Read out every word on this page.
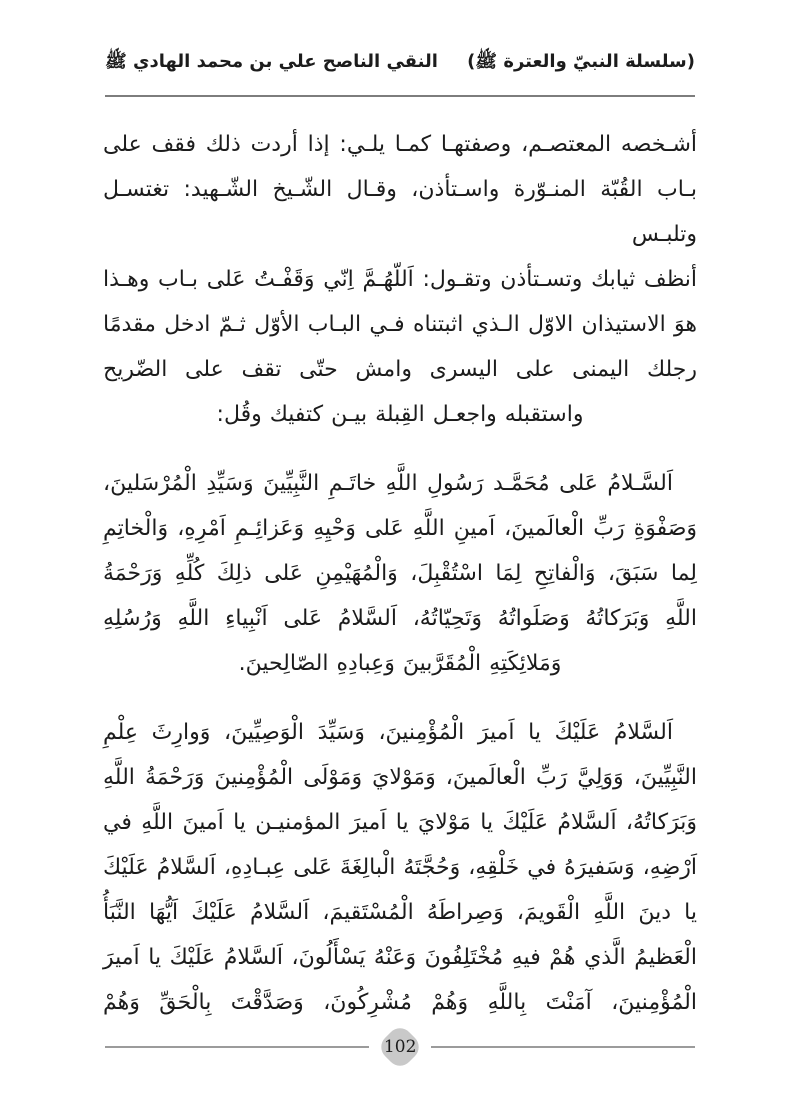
(سلسلة النبيّ والعترة ﷺ)
النقي الناصح علي بن محمد الهادي ﷺ
أشـخصه المعتصـم، وصفتهـا كمـا يلـي: إذا أردت ذلك فقف على
بـاب القُبّة المنـوّرة واسـتأذن، وقـال الشّـيخ الشّـهيد: تغتسـل وتلبـس
أنظف ثيابك وتسـتأذن وتقـول: اَللّهُـمَّ اِنّي وَقَفْـتُ عَلى بـاب وهـذا
هوَ الاستيذان الاوّل الـذي اثبتناه فـي البـاب الأوّل ثـمّ ادخل مقدمًا
رجلك اليمنى على اليسرى وامش حتّى تقف على الضّريح
واستقبله واجعـل القِبلة بيـن كتفيك وقُل:
اَلسَّـلامُ عَلى مُحَمَّـد رَسُولِ اللَّهِ خاتَـمِ النَّبِيِّينَ وَسَيِّدِ الْمُرْسَلينَ،
وَصَفْوَةِ رَبِّ الْعالَمينَ، اَمينِ اللَّهِ عَلى وَحْيِهِ وَعَزائِـمِ اَمْرِهِ، وَالْخاتِمِ
لِما سَبَقَ، وَالْفاتِحِ لِمَا اسْتُقْبِلَ، وَالْمُهَيْمِنِ عَلى ذلِكَ كُلِّهِ وَرَحْمَةُ
اللَّهِ وَبَرَكاتُهُ وَصَلَواتُهُ وَتَحِيّاتُهُ، اَلسَّلامُ عَلى اَنْبِياءِ اللَّهِ وَرُسُلِهِ
وَمَلائِكَتِهِ الْمُقَرَّبينَ وَعِبادِهِ الصّالِحينَ.
اَلسَّلامُ عَلَيْكَ يا اَميرَ الْمُؤْمِنينَ، وَسَيِّدَ الْوَصِيِّينَ، وَوارِثَ عِلْمِ
النَّبِيِّينَ، وَوَلِيَّ رَبِّ الْعالَمينَ، وَمَوْلايَ وَمَوْلَى الْمُؤْمِنينَ وَرَحْمَةُ اللَّهِ
وَبَرَكاتُهُ، اَلسَّلامُ عَلَيْكَ يا مَوْلايَ يا اَميرَ المؤمنيـن يا اَمينَ اللَّهِ في
اَرْضِهِ، وَسَفيرَهُ في خَلْقِهِ، وَحُجَّتَهُ الْبالِغَةَ عَلى عِبـادِهِ، اَلسَّلامُ عَلَيْكَ
يا دينَ اللَّهِ الْقَويمَ، وَصِراطَهُ الْمُسْتَقيمَ، اَلسَّلامُ عَلَيْكَ اَيُّهَا النَّبَأُ
الْعَظيمُ الَّذي هُمْ فيهِ مُخْتَلِفُونَ وَعَنْهُ يَسْأَلُونَ، اَلسَّلامُ عَلَيْكَ يا اَميرَ
الْمُؤْمِنينَ، آمَنْتَ بِاللَّهِ وَهُمْ مُشْرِكُونَ، وَصَدَّقْتَ بِالْحَقِّ وَهُمْ
102
